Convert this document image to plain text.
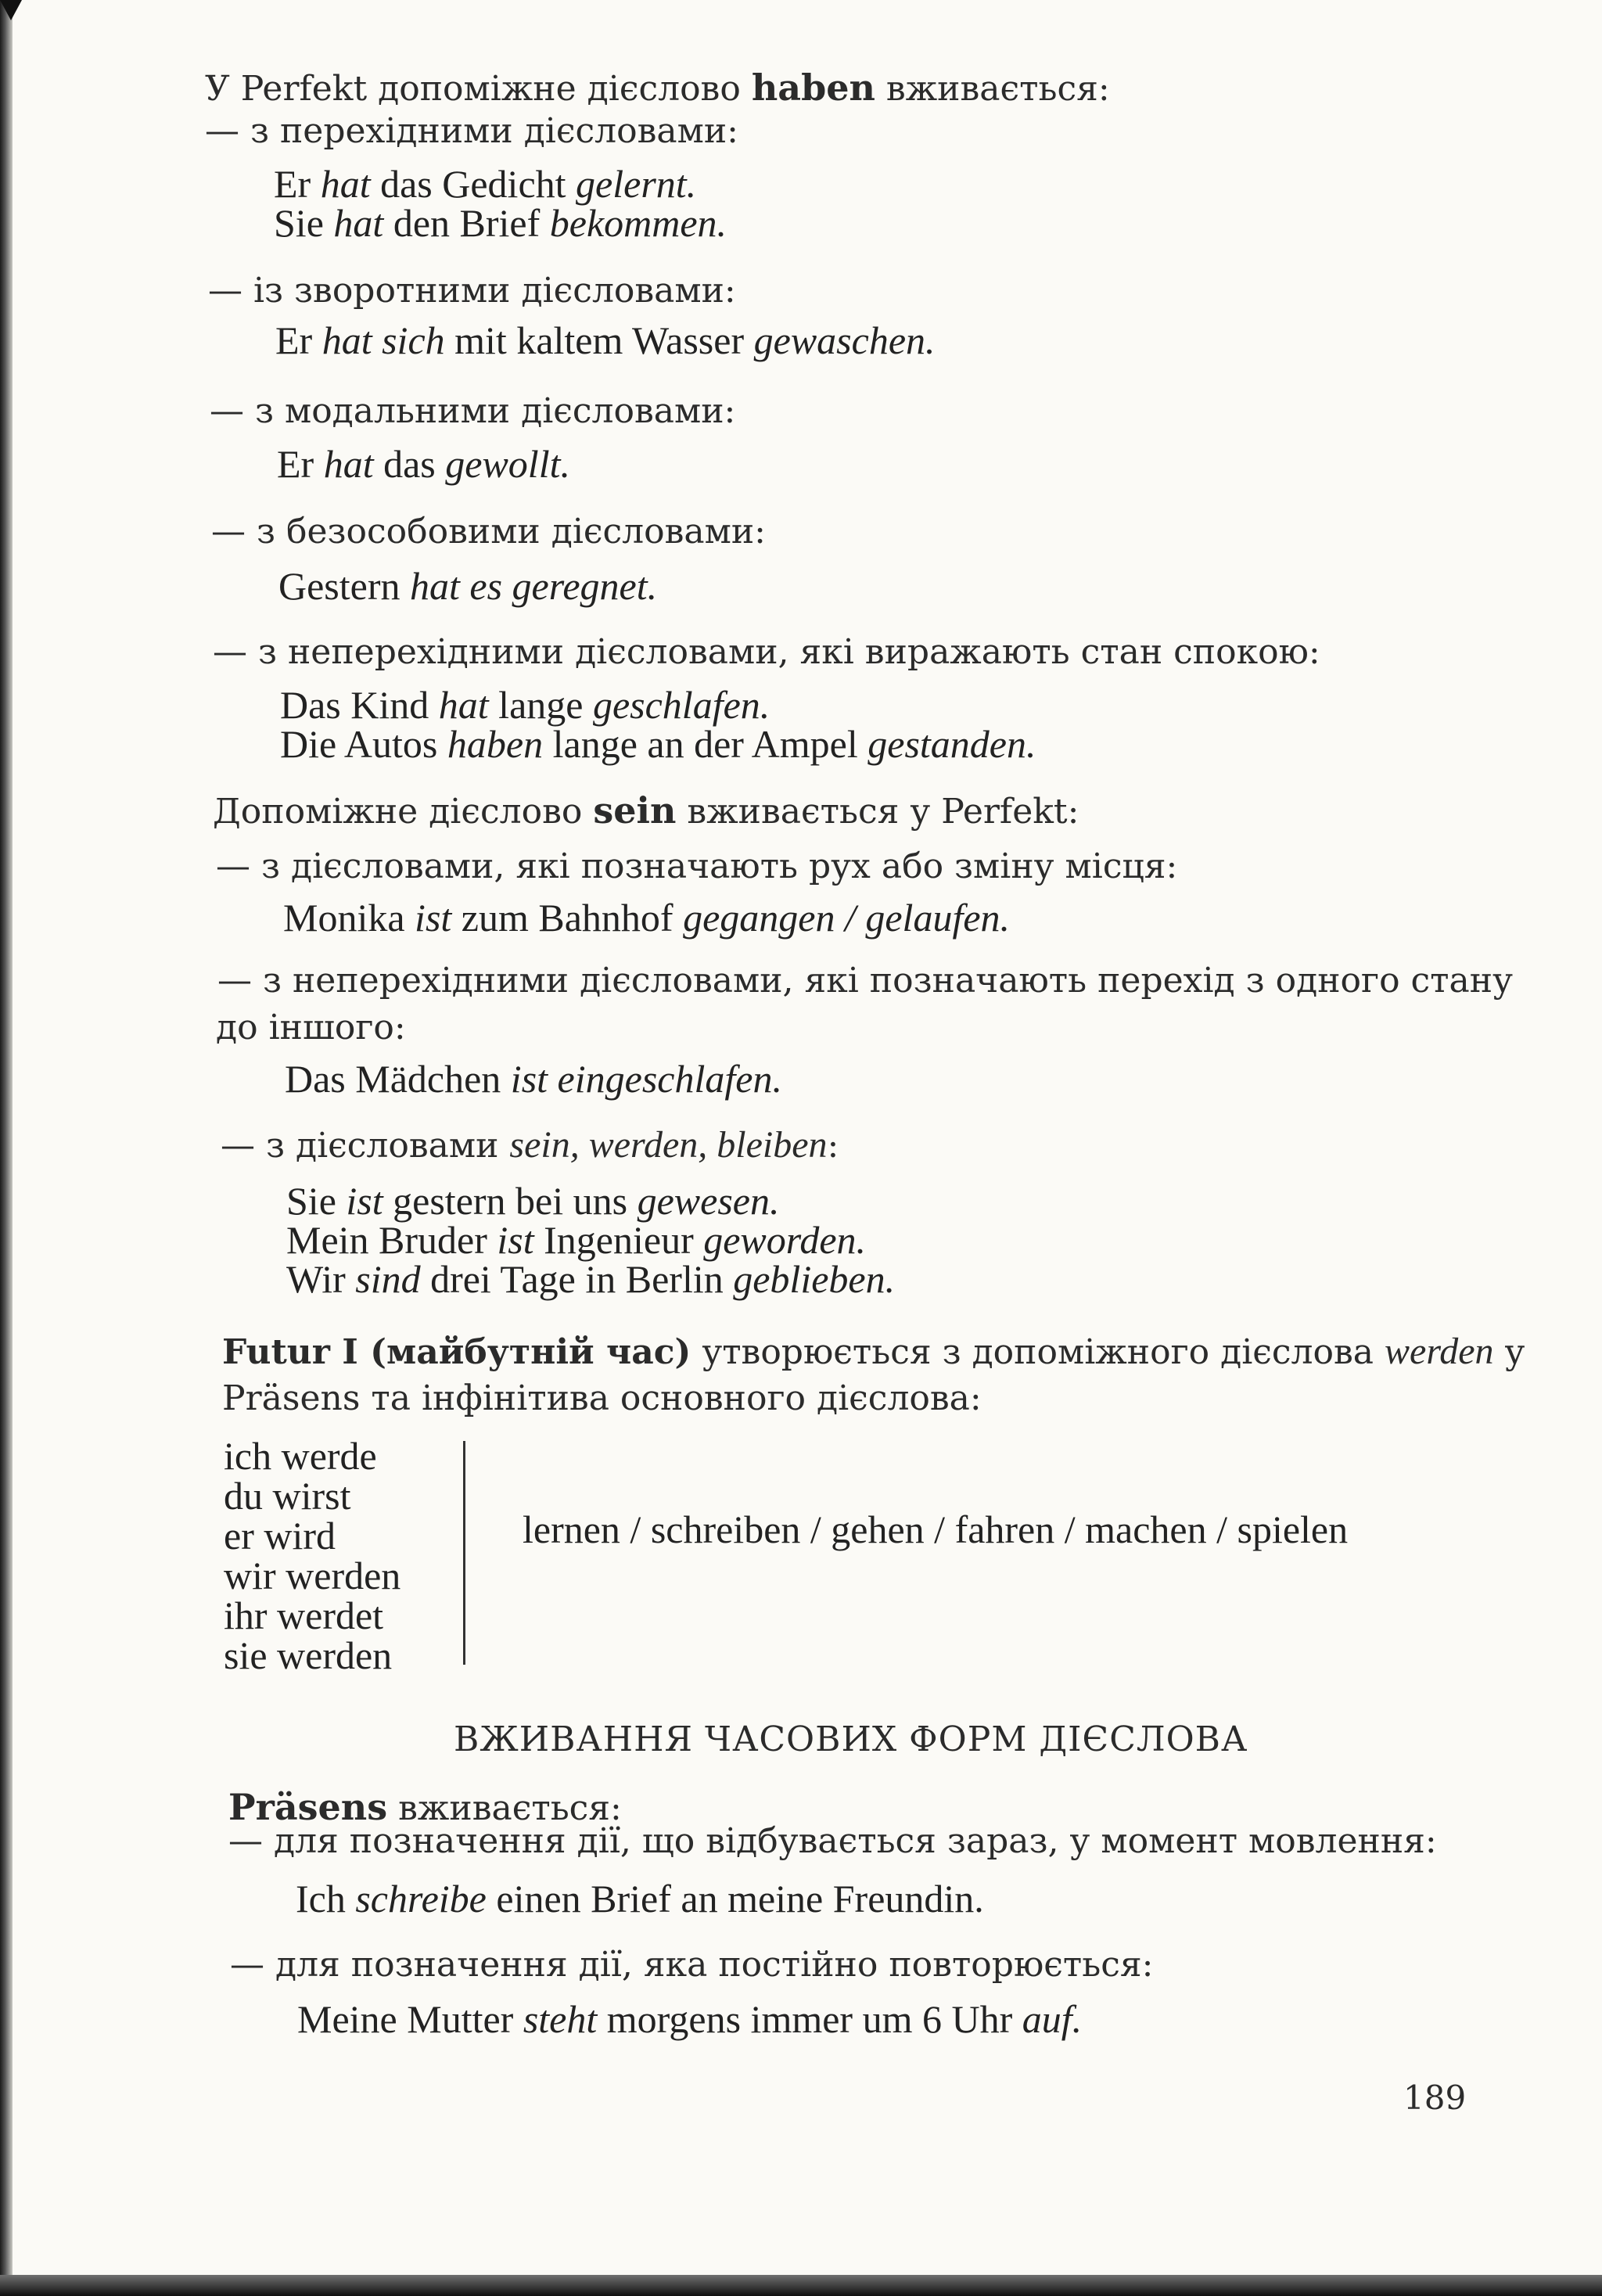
У Perfekt допоміжне дієслово haben вживається:
— з перехідними дієсловами:
Er hat das Gedicht gelernt.
Sie hat den Brief bekommen.
— із зворотними дієсловами:
Er hat sich mit kaltem Wasser gewaschen.
— з модальними дієсловами:
Er hat das gewollt.
— з безособовими дієсловами:
Gestern hat es geregnet.
— з неперехідними дієсловами, які виражають стан спокою:
Das Kind hat lange geschlafen.
Die Autos haben lange an der Ampel gestanden.
Допоміжне дієслово sein вживається у Perfekt:
— з дієсловами, які позначають рух або зміну місця:
Monika ist zum Bahnhof gegangen / gelaufen.
— з неперехідними дієсловами, які позначають перехід з одного стану
до іншого:
Das Mädchen ist eingeschlafen.
— з дієсловами sein, werden, bleiben:
Sie ist gestern bei uns gewesen.
Mein Bruder ist Ingenieur geworden.
Wir sind drei Tage in Berlin geblieben.
Futur I (майбутній час) утворюється з допоміжного дієслова werden у
Präsens та інфінітива основного дієслова:
ich werde
du wirst
er wird
wir werden
ihr werdet
sie werden
lernen / schreiben / gehen / fahren / machen / spielen
ВЖИВАННЯ ЧАСОВИХ ФОРМ ДІЄСЛОВА
Präsens вживається:
— для позначення дії, що відбувається зараз, у момент мовлення:
Ich schreibe einen Brief an meine Freundin.
— для позначення дії, яка постійно повторюється:
Meine Mutter steht morgens immer um 6 Uhr auf.
189
